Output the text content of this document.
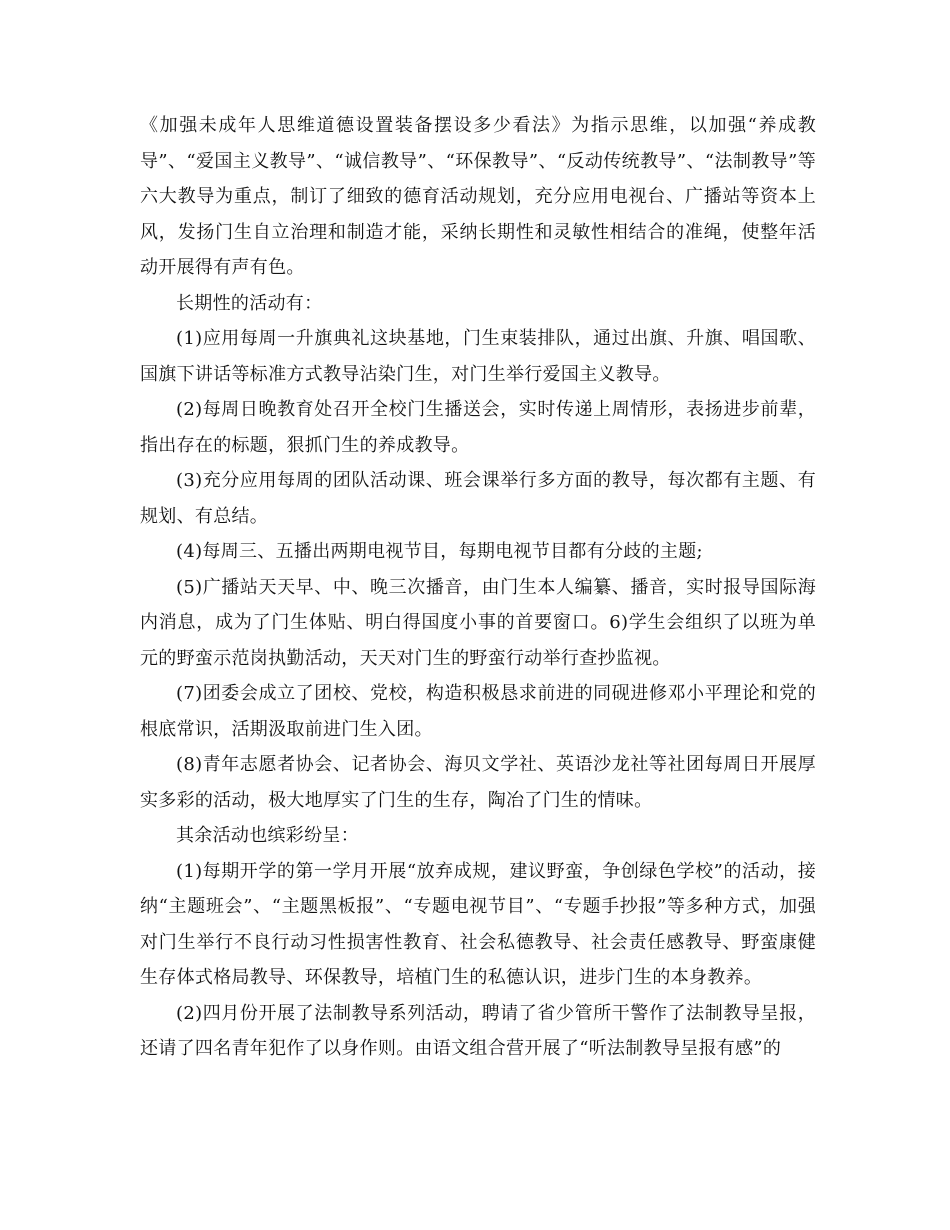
《加强未成年人思维道德设置装备摆设多少看法》为指示思维，以加强“养成教导”、“爱国主义教导”、“诚信教导”、“环保教导”、“反动传统教导”、“法制教导”等六大教导为重点，制订了细致的德育活动规划，充分应用电视台、广播站等资本上风，发扬门生自立治理和制造才能，采纳长期性和灵敏性相结合的准绳，使整年活动开展得有声有色。

长期性的活动有：

(1)应用每周一升旗典礼这块基地，门生束装排队，通过出旗、升旗、唱国歌、国旗下讲话等标准方式教导沾染门生，对门生举行爱国主义教导。

(2)每周日晚教育处召开全校门生播送会，实时传递上周情形，表扬进步前辈，指出存在的标题，狠抓门生的养成教导。

(3)充分应用每周的团队活动课、班会课举行多方面的教导，每次都有主题、有规划、有总结。

(4)每周三、五播出两期电视节目，每期电视节目都有分歧的主题;

(5)广播站天天早、中、晚三次播音，由门生本人编纂、播音，实时报导国际海内消息，成为了门生体贴、明白得国度小事的首要窗口。6)学生会组织了以班为单元的野蛮示范岗执勤活动，天天对门生的野蛮行动举行查抄监视。

(7)团委会成立了团校、党校，构造积极恳求前进的同砚进修邓小平理论和党的根底常识，活期汲取前进门生入团。

(8)青年志愿者协会、记者协会、海贝文学社、英语沙龙社等社团每周日开展厚实多彩的活动，极大地厚实了门生的生存，陶冶了门生的情味。

其余活动也缤彩纷呈：

(1)每期开学的第一学月开展“放弃成规，建议野蛮，争创绿色学校”的活动，接纳“主题班会”、“主题黑板报”、“专题电视节目”、“专题手抄报”等多种方式，加强对门生举行不良行动习性损害性教育、社会私德教导、社会责任感教导、野蛮康健生存体式格局教导、环保教导，培植门生的私德认识，进步门生的本身教养。

(2)四月份开展了法制教导系列活动，聘请了省少管所干警作了法制教导呈报，还请了四名青年犯作了以身作则。由语文组合营开展了“听法制教导呈报有感”的
